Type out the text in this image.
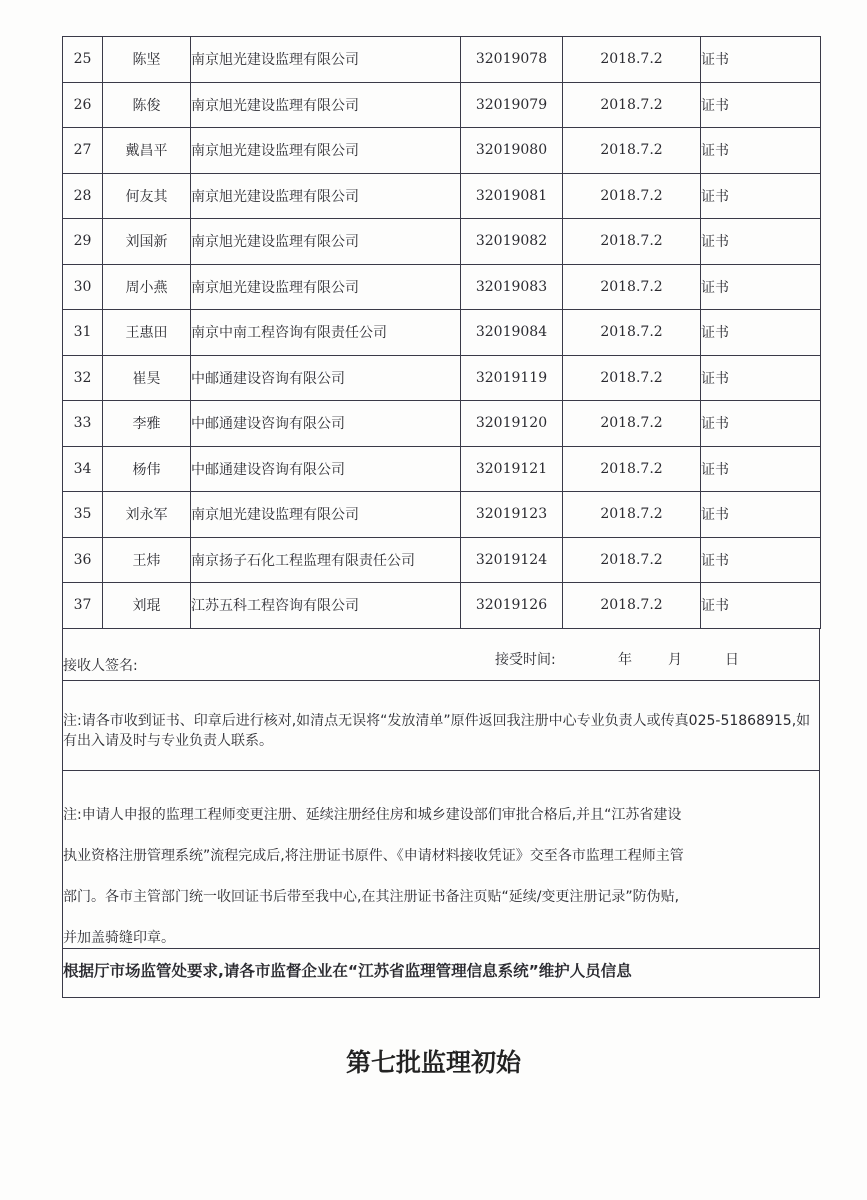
25	陈坚	南京旭光建设监理有限公司	32019078	2018.7.2	证书
26	陈俊	南京旭光建设监理有限公司	32019079	2018.7.2	证书
27	戴昌平	南京旭光建设监理有限公司	32019080	2018.7.2	证书
28	何友其	南京旭光建设监理有限公司	32019081	2018.7.2	证书
29	刘国新	南京旭光建设监理有限公司	32019082	2018.7.2	证书
30	周小燕	南京旭光建设监理有限公司	32019083	2018.7.2	证书
31	王惠田	南京中南工程咨询有限责任公司	32019084	2018.7.2	证书
32	崔昊	中邮通建设咨询有限公司	32019119	2018.7.2	证书
33	李雅	中邮通建设咨询有限公司	32019120	2018.7.2	证书
34	杨伟	中邮通建设咨询有限公司	32019121	2018.7.2	证书
35	刘永军	南京旭光建设监理有限公司	32019123	2018.7.2	证书
36	王炜	南京扬子石化工程监理有限责任公司	32019124	2018.7.2	证书
37	刘琨	江苏五科工程咨询有限公司	32019126	2018.7.2	证书
接收人签名:	接受时间:	年	月	日
注:请各市收到证书、印章后进行核对,如清点无误将“发放清单”原件返回我注册中心专业负责人或传真025-51868915,如有出入请及时与专业负责人联系。

注:申请人申报的监理工程师变更注册、延续注册经住房和城乡建设部们审批合格后,并且“江苏省建设

执业资格注册管理系统”流程完成后,将注册证书原件、《申请材料接收凭证》交至各市监理工程师主管

部门。各市主管部门统一收回证书后带至我中心,在其注册证书备注页贴“延续/变更注册记录”防伪贴,

并加盖骑缝印章。

根据厅市场监管处要求,请各市监督企业在“江苏省监理管理信息系统”维护人员信息
第七批监理初始
